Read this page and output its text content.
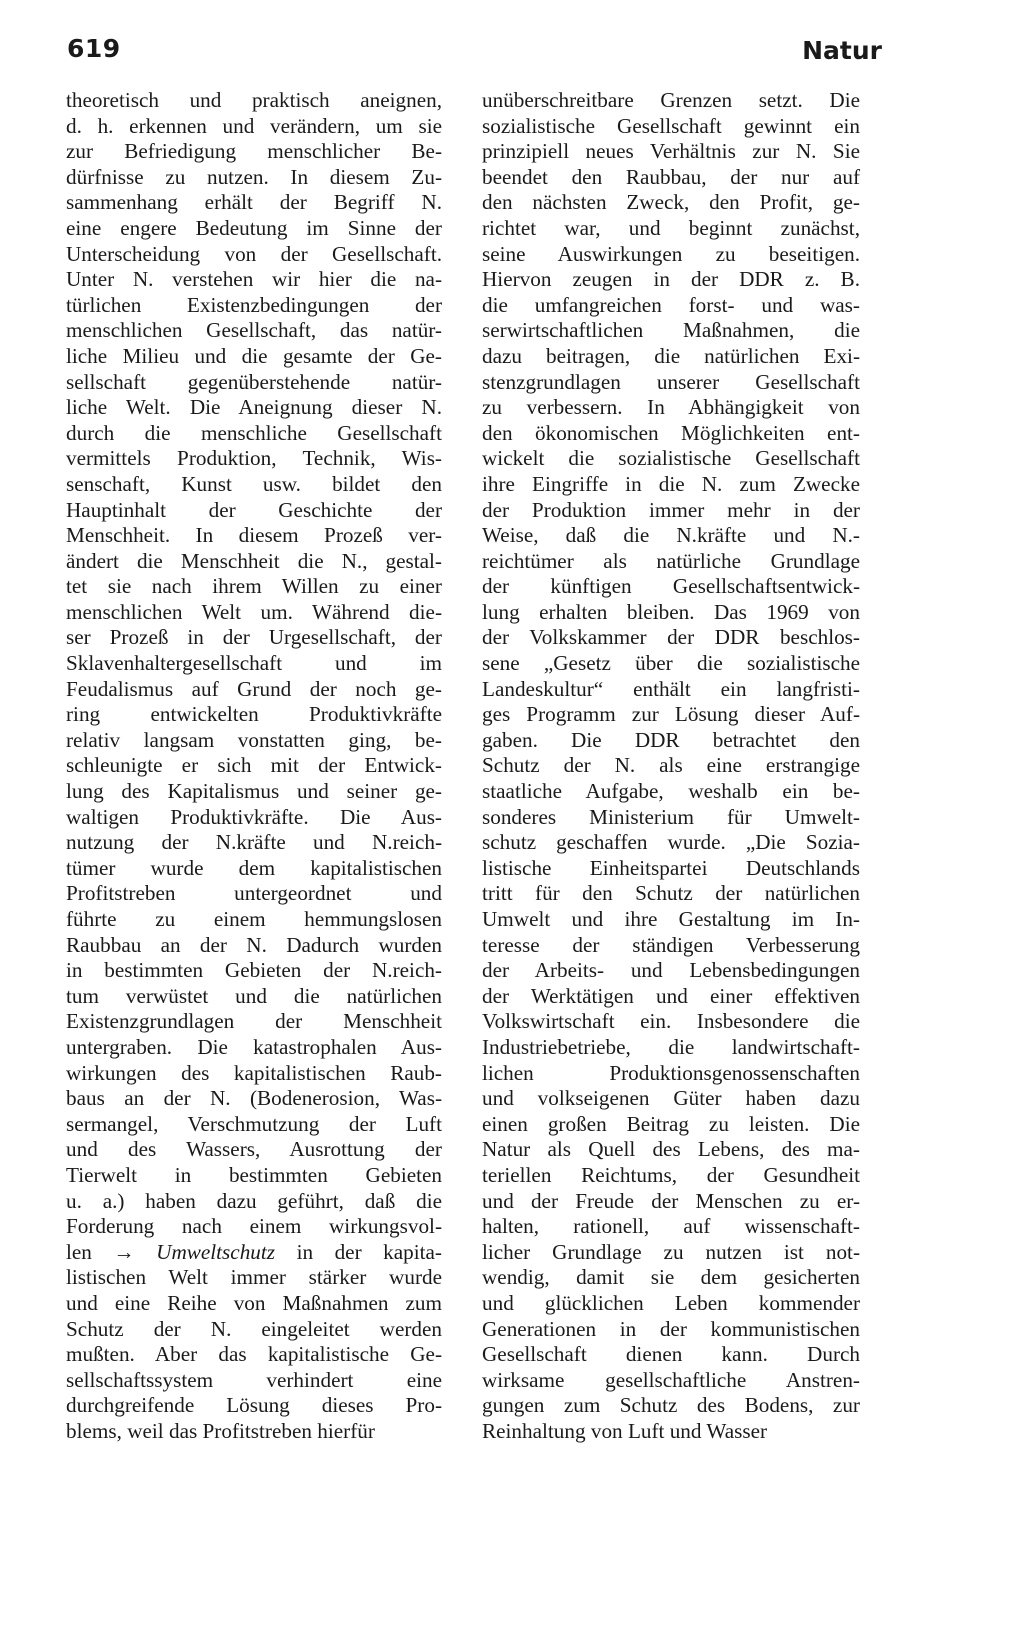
619	Natur

theoretisch und praktisch aneignen,
d. h. erkennen und verändern, um sie
zur Befriedigung menschlicher Be-
dürfnisse zu nutzen. In diesem Zu-
sammenhang erhält der Begriff N.
eine engere Bedeutung im Sinne der
Unterscheidung von der Gesellschaft.
Unter N. verstehen wir hier die na-
türlichen Existenzbedingungen der
menschlichen Gesellschaft, das natür-
liche Milieu und die gesamte der Ge-
sellschaft gegenüberstehende natür-
liche Welt. Die Aneignung dieser N.
durch die menschliche Gesellschaft
vermittels Produktion, Technik, Wis-
senschaft, Kunst usw. bildet den
Hauptinhalt der Geschichte der
Menschheit. In diesem Prozeß ver-
ändert die Menschheit die N., gestal-
tet sie nach ihrem Willen zu einer
menschlichen Welt um. Während die-
ser Prozeß in der Urgesellschaft, der
Sklavenhaltergesellschaft und im
Feudalismus auf Grund der noch ge-
ring entwickelten Produktivkräfte
relativ langsam vonstatten ging, be-
schleunigte er sich mit der Entwick-
lung des Kapitalismus und seiner ge-
waltigen Produktivkräfte. Die Aus-
nutzung der N.kräfte und N.reich-
tümer wurde dem kapitalistischen
Profitstreben untergeordnet und
führte zu einem hemmungslosen
Raubbau an der N. Dadurch wurden
in bestimmten Gebieten der N.reich-
tum verwüstet und die natürlichen
Existenzgrundlagen der Menschheit
untergraben. Die katastrophalen Aus-
wirkungen des kapitalistischen Raub-
baus an der N. (Bodenerosion, Was-
sermangel, Verschmutzung der Luft
und des Wassers, Ausrottung der
Tierwelt in bestimmten Gebieten
u. a.) haben dazu geführt, daß die
Forderung nach einem wirkungsvol-
len → Umweltschutz in der kapita-
listischen Welt immer stärker wurde
und eine Reihe von Maßnahmen zum
Schutz der N. eingeleitet werden
mußten. Aber das kapitalistische Ge-
sellschaftssystem verhindert eine
durchgreifende Lösung dieses Pro-
blems, weil das Profitstreben hierfür
unüberschreitbare Grenzen setzt. Die
sozialistische Gesellschaft gewinnt ein
prinzipiell neues Verhältnis zur N. Sie
beendet den Raubbau, der nur auf
den nächsten Zweck, den Profit, ge-
richtet war, und beginnt zunächst,
seine Auswirkungen zu beseitigen.
Hiervon zeugen in der DDR z. B.
die umfangreichen forst- und was-
serwirtschaftlichen Maßnahmen, die
dazu beitragen, die natürlichen Exi-
stenzgrundlagen unserer Gesellschaft
zu verbessern. In Abhängigkeit von
den ökonomischen Möglichkeiten ent-
wickelt die sozialistische Gesellschaft
ihre Eingriffe in die N. zum Zwecke
der Produktion immer mehr in der
Weise, daß die N.kräfte und N.-
reichtümer als natürliche Grundlage
der künftigen Gesellschaftsentwick-
lung erhalten bleiben. Das 1969 von
der Volkskammer der DDR beschlos-
sene „Gesetz über die sozialistische
Landeskultur“ enthält ein langfristi-
ges Programm zur Lösung dieser Auf-
gaben. Die DDR betrachtet den
Schutz der N. als eine erstrangige
staatliche Aufgabe, weshalb ein be-
sonderes Ministerium für Umwelt-
schutz geschaffen wurde. „Die Sozia-
listische Einheitspartei Deutschlands
tritt für den Schutz der natürlichen
Umwelt und ihre Gestaltung im In-
teresse der ständigen Verbesserung
der Arbeits- und Lebensbedingungen
der Werktätigen und einer effektiven
Volkswirtschaft ein. Insbesondere die
Industriebetriebe, die landwirtschaft-
lichen Produktionsgenossenschaften
und volkseigenen Güter haben dazu
einen großen Beitrag zu leisten. Die
Natur als Quell des Lebens, des ma-
teriellen Reichtums, der Gesundheit
und der Freude der Menschen zu er-
halten, rationell, auf wissenschaft-
licher Grundlage zu nutzen ist not-
wendig, damit sie dem gesicherten
und glücklichen Leben kommender
Generationen in der kommunistischen
Gesellschaft dienen kann. Durch
wirksame gesellschaftliche Anstren-
gungen zum Schutz des Bodens, zur
Reinhaltung von Luft und Wasser
